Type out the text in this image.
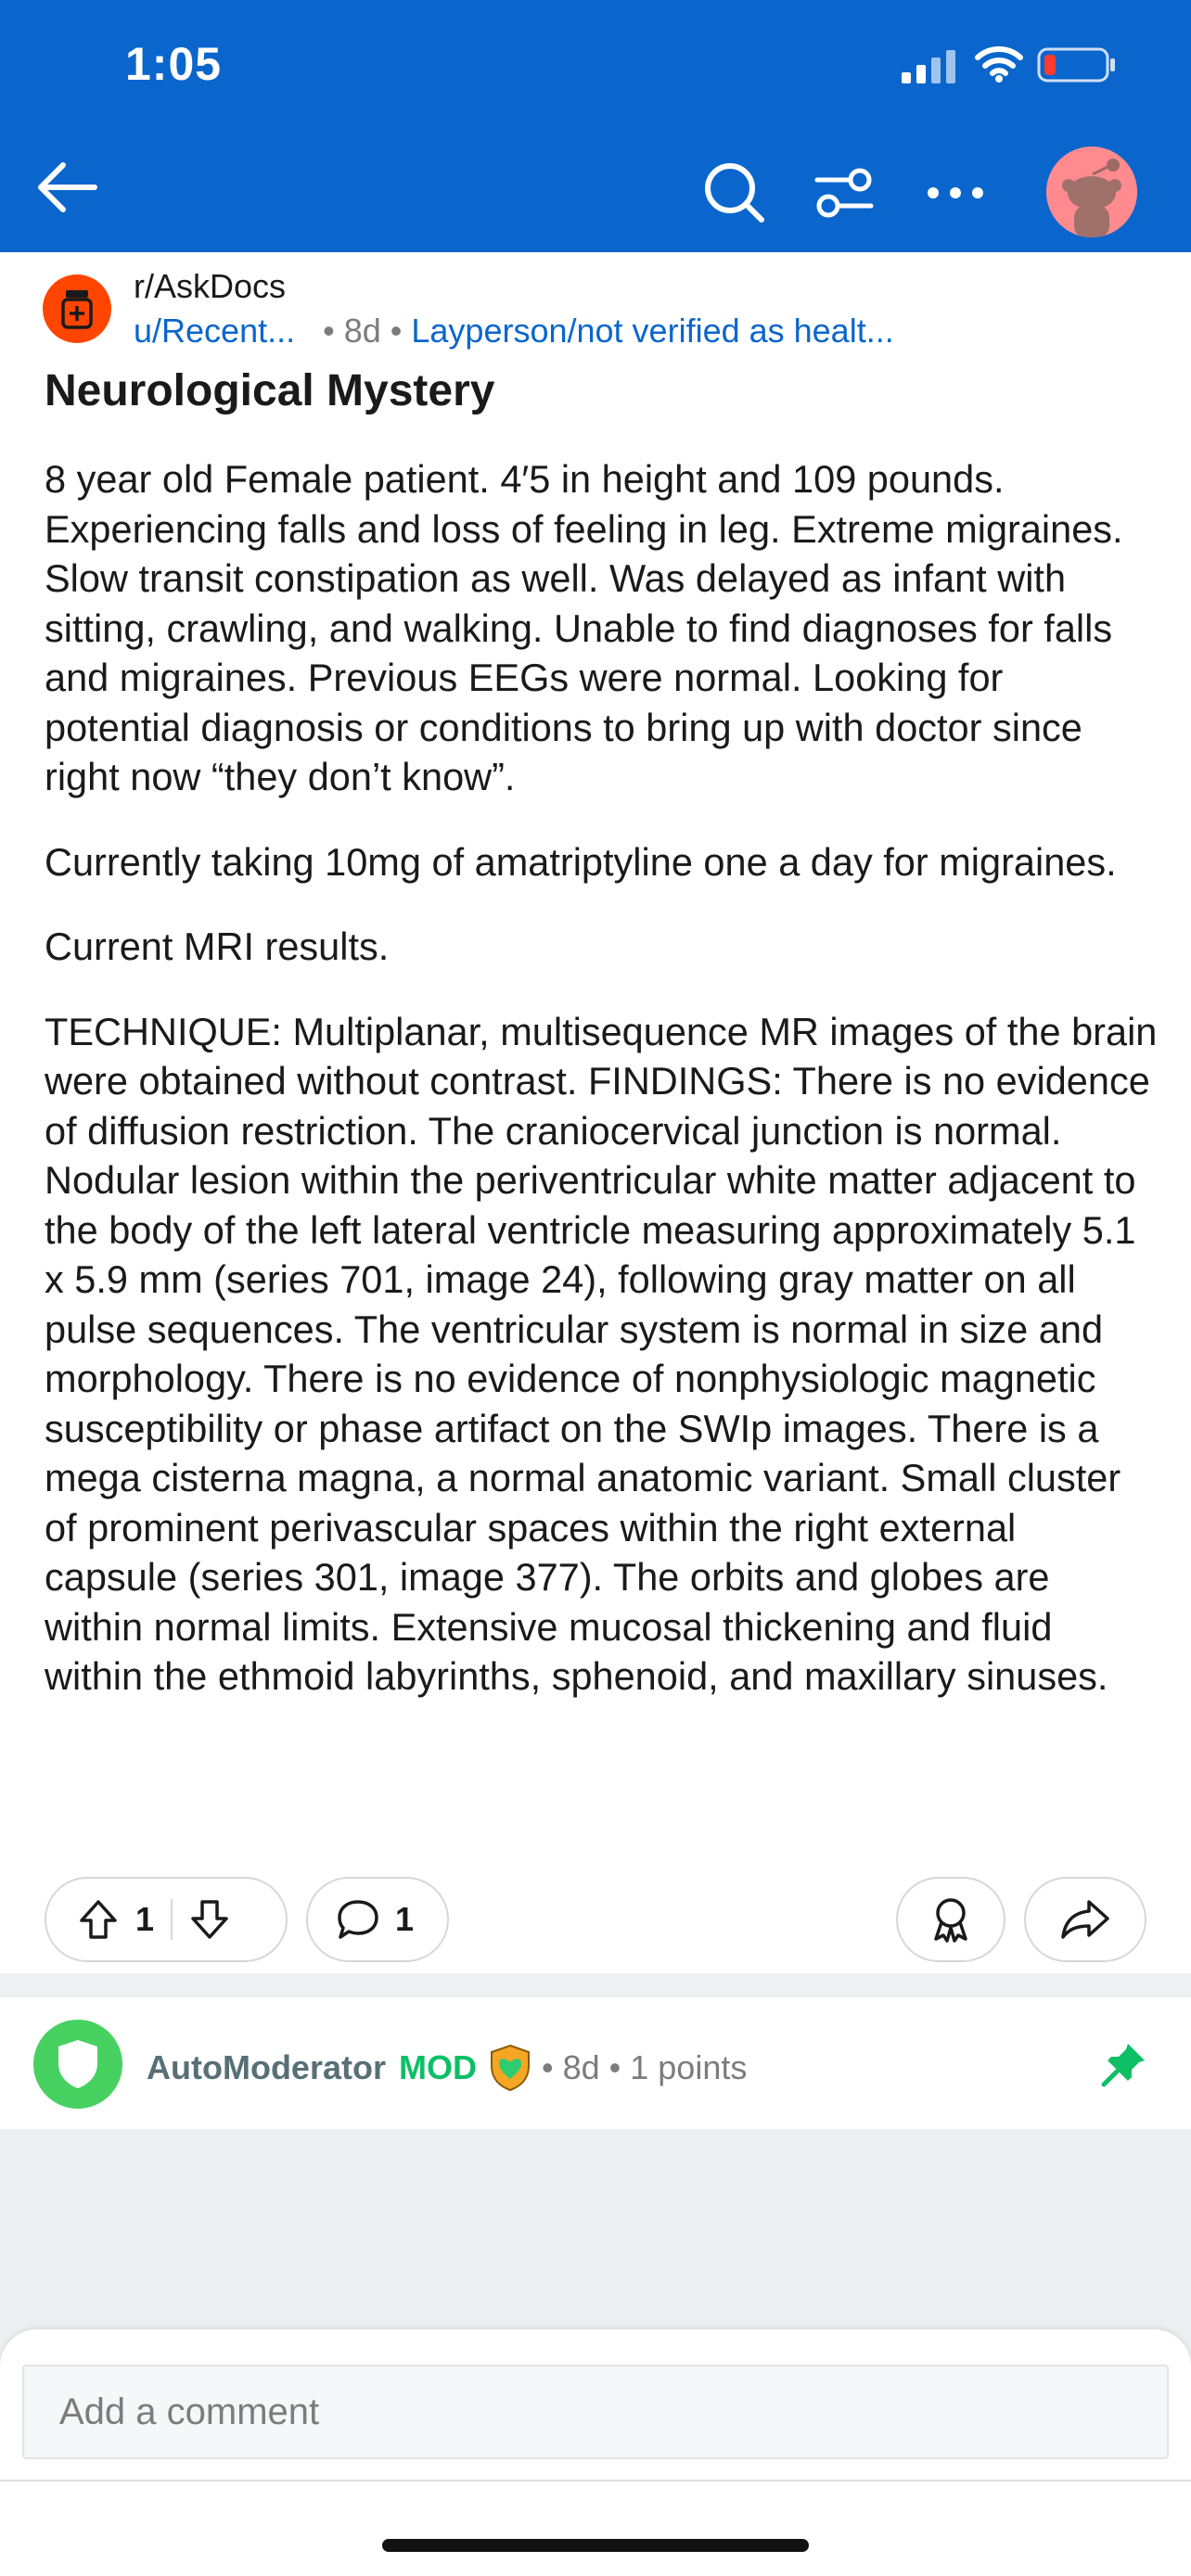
1:05
r/AskDocs
u/Recent...   • 8d • Layperson/not verified as healt...
Neurological Mystery

8 year old Female patient. 4′5 in height and 109 pounds. Experiencing falls and loss of feeling in leg. Extreme migraines. Slow transit constipation as well. Was delayed as infant with sitting, crawling, and walking. Unable to find diagnoses for falls and migraines. Previous EEGs were normal. Looking for potential diagnosis or conditions to bring up with doctor since right now “they don’t know”.

Currently taking 10mg of amatriptyline one a day for migraines.

Current MRI results.

TECHNIQUE: Multiplanar, multisequence MR images of the brain were obtained without contrast. FINDINGS: There is no evidence of diffusion restriction. The craniocervical junction is normal. Nodular lesion within the periventricular white matter adjacent to the body of the left lateral ventricle measuring approximately 5.1 x 5.9 mm (series 701, image 24), following gray matter on all pulse sequences. The ventricular system is normal in size and morphology. There is no evidence of nonphysiologic magnetic susceptibility or phase artifact on the SWIp images. There is a mega cisterna magna, a normal anatomic variant. Small cluster of prominent perivascular spaces within the right external capsule (series 301, image 377). The orbits and globes are within normal limits. Extensive mucosal thickening and fluid within the ethmoid labyrinths, sphenoid, and maxillary sinuses.

1	1
AutoModerator MOD • 8d • 1 points
Add a comment
